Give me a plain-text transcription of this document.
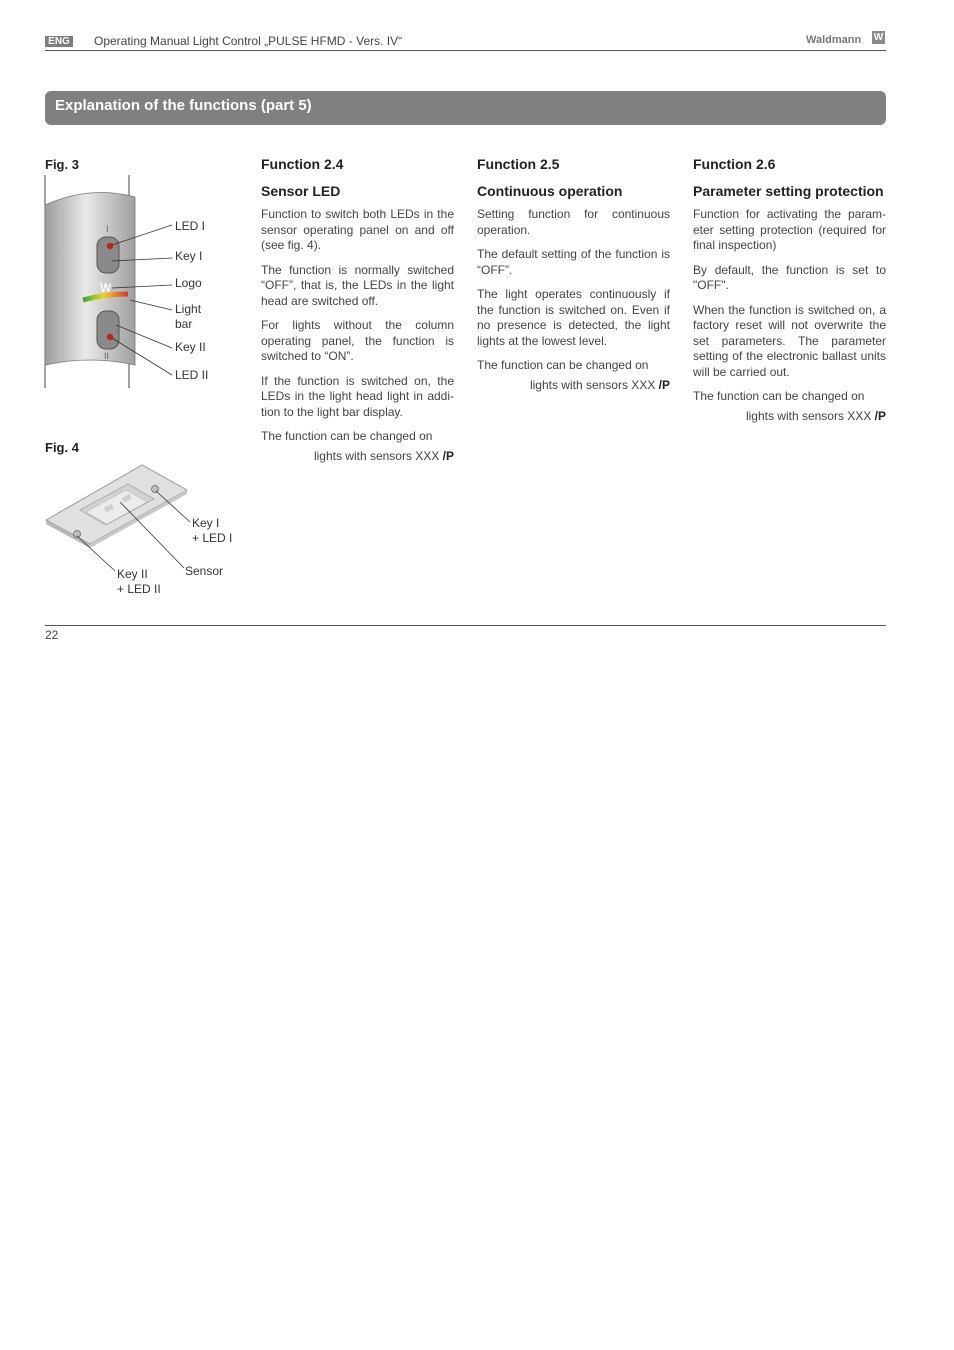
ENG Operating Manual Light Control „PULSE HFMD - Vers. IV“	Waldmann W
Explanation of the functions (part 5)
Fig. 3
I
W
II
LED I
Key I
Logo
Light
bar
Key II
LED II
Fig. 4
Key I
+ LED I
Sensor
Key II
+ LED II
Function 2.4
Sensor LED

Function to switch both LEDs in the sensor operating panel on and off (see fig. 4).

The function is normally switched “OFF”, that is, the LEDs in the light head are switched off.

For lights without the column operating panel, the function is switched to “ON”.

If the function is switched on, the LEDs in the light head light in addi-tion to the light bar display.

The function can be changed on

lights with sensors XXX /P

Function 2.5
Continuous operation

Setting function for continuous operation.

The default setting of the function is “OFF”.

The light operates continuously if the function is switched on. Even if no presence is detected, the light lights at the lowest level.

The function can be changed on

lights with sensors XXX /P

Function 2.6
Parameter setting protection

Function for activating the param-eter setting protection (required for final inspection)

By default, the function is set to "OFF".

When the function is switched on, a factory reset will not overwrite the set parameters. The parameter setting of the electronic ballast units will be carried out.

The function can be changed on

lights with sensors XXX /P

22
